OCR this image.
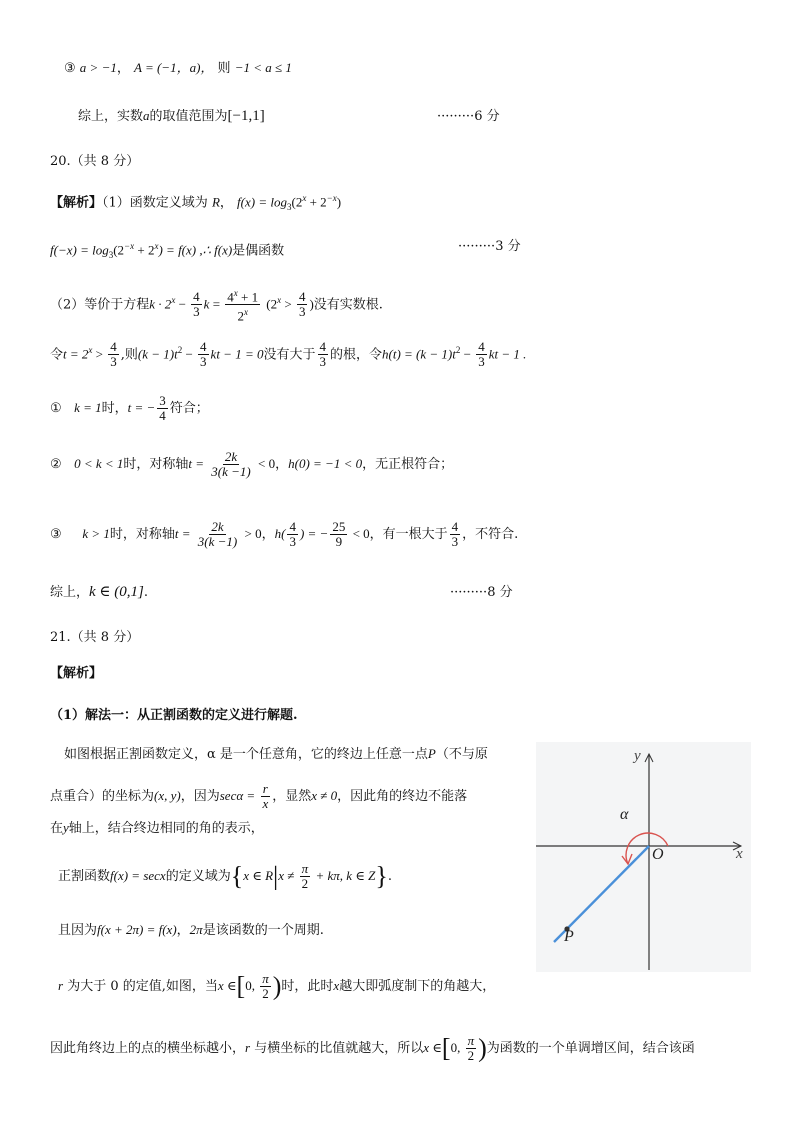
③ a > −1， A = (−1，a)， 则 −1 < a ≤ 1
综上，实数a的取值范围为[−1,1]	·········6 分
20.（共 8 分）
【解析】（1）函数定义域为 R， $f(x) = \log_3(2^x + 2^{-x})$
$f(-x) = \log_3(2^{-x} + 2^x) = f(x)$ ,∴ f(x)是偶函数	·········3 分
（2）等价于方程$k \cdot 2^x - \frac{4}{3}$ $k = \frac{4^x + 1}{2^x} (2^x > \frac{4}{3}$ )没有实数根.
令$t = 2^x > \frac{4}{3}$ ,则$(k - 1)t^2 - \frac{4}{3}$ kt − 1 = 0没有大于 $\frac{4}{3}$ 的根，令$h(t) = (k - 1)t^2 - \frac{4}{3}$ kt − 1 .
① k = 1时，t = − $\frac{3}{4}$ 符合；
② 0 < k < 1时，对称轴$t = \frac{2k}{3(k -1)} < 0$，h(0) = −1 < 0，无正根符合；
③ k > 1时，对称轴$t = \frac{2k}{3(k -1)} > 0$，$h( \frac{4}{3}$ ) = − $\frac{25}{9} < 0$，有一根大于 $\frac{4}{3}$ ，不符合.
综上，k ∈ (0,1].	·········8 分
21.（共 8 分）
【解析】
（1）解法一：从正割函数的定义进行解题.
如图根据正割函数定义，α 是一个任意角，它的终边上任意一点P（不与原
点重合）的坐标为(x, y)，因为$\sec\alpha = \frac{r}{x}$ ，显然x ≠ 0，因此角的终边不能落
在y轴上，结合终边相同的角的表示，
正割函数f(x) = secx的定义域为{x ∈ $R|x \ne \frac{\pi}{2} + k\pi$, k ∈ Z}.
且因为f(x + 2π) = f(x)，2π是该函数的一个周期.
r 为大于 0 的定值,如图，当x ∈[0, $\frac{\pi}{2}$ )时，此时x越大即弧度制下的角越大，
因此角终边上的点的横坐标越小，r 与横坐标的比值就越大，所以x ∈[0, $\frac{\pi}{2}$ )为函数的一个单调增区间，结合该函
y
x
O
α
P
